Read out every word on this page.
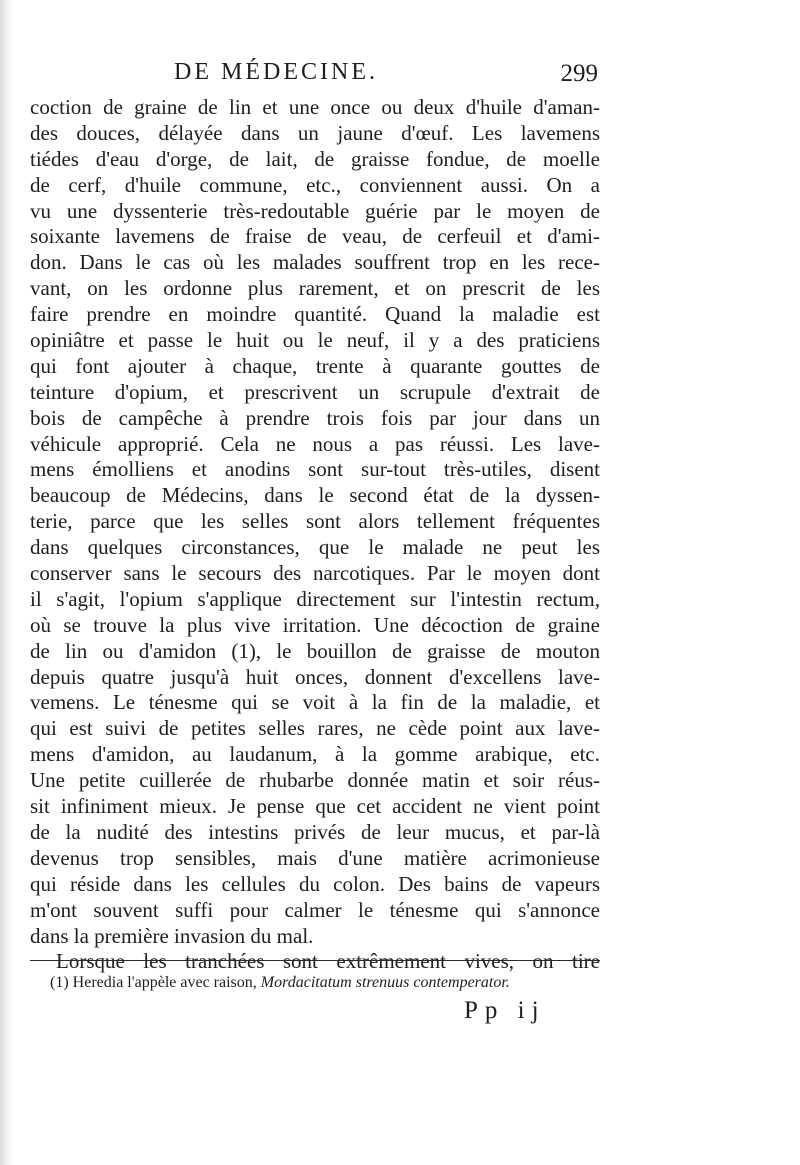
DE MÉDECINE.	299
coction de graine de lin et une once ou deux d'huile d'aman-
des douces, délayée dans un jaune d'œuf. Les lavemens
tiédes d'eau d'orge, de lait, de graisse fondue, de moelle
de cerf, d'huile commune, etc., conviennent aussi. On a
vu une dyssenterie très-redoutable guérie par le moyen de
soixante lavemens de fraise de veau, de cerfeuil et d'ami-
don. Dans le cas où les malades souffrent trop en les rece-
vant, on les ordonne plus rarement, et on prescrit de les
faire prendre en moindre quantité. Quand la maladie est
opiniâtre et passe le huit ou le neuf, il y a des praticiens
qui font ajouter à chaque, trente à quarante gouttes de
teinture d'opium, et prescrivent un scrupule d'extrait de
bois de campêche à prendre trois fois par jour dans un
véhicule approprié. Cela ne nous a pas réussi. Les lave-
mens émolliens et anodins sont sur-tout très-utiles, disent
beaucoup de Médecins, dans le second état de la dyssen-
terie, parce que les selles sont alors tellement fréquentes
dans quelques circonstances, que le malade ne peut les
conserver sans le secours des narcotiques. Par le moyen dont
il s'agit, l'opium s'applique directement sur l'intestin rectum,
où se trouve la plus vive irritation. Une décoction de graine
de lin ou d'amidon (1), le bouillon de graisse de mouton
depuis quatre jusqu'à huit onces, donnent d'excellens lave-
vemens. Le ténesme qui se voit à la fin de la maladie, et
qui est suivi de petites selles rares, ne cède point aux lave-
mens d'amidon, au laudanum, à la gomme arabique, etc.
Une petite cuillerée de rhubarbe donnée matin et soir réus-
sit infiniment mieux. Je pense que cet accident ne vient point
de la nudité des intestins privés de leur mucus, et par-là
devenus trop sensibles, mais d'une matière acrimonieuse
qui réside dans les cellules du colon. Des bains de vapeurs
m'ont souvent suffi pour calmer le ténesme qui s'annonce
dans la première invasion du mal.
Lorsque les tranchées sont extrêmement vives, on tire
(1) Heredia l'appèle avec raison, Mordacitatum strenuus contemperator.
Pp ij
